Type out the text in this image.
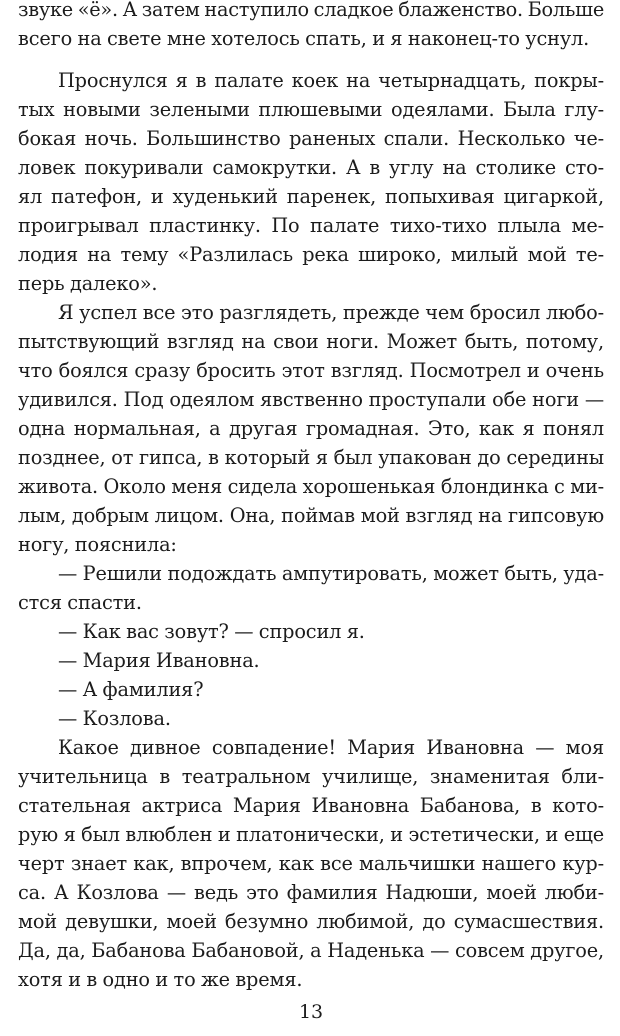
звуке «ё». А затем наступило сладкое блаженство. Больше
всего на свете мне хотелось спать, и я наконец-то уснул.
Проснулся я в палате коек на четырнадцать, покры-
тых новыми зелеными плюшевыми одеялами. Была глу-
бокая ночь. Большинство раненых спали. Несколько че-
ловек покуривали самокрутки. А в углу на столике сто-
ял патефон, и худенький паренек, попыхивая цигаркой,
проигрывал пластинку. По палате тихо-тихо плыла ме-
лодия на тему «Разлилась река широко, милый мой те-
перь далеко».
Я успел все это разглядеть, прежде чем бросил любо-
пытствующий взгляд на свои ноги. Может быть, потому,
что боялся сразу бросить этот взгляд. Посмотрел и очень
удивился. Под одеялом явственно проступали обе ноги —
одна нормальная, а другая громадная. Это, как я понял
позднее, от гипса, в который я был упакован до середины
живота. Около меня сидела хорошенькая блондинка с ми-
лым, добрым лицом. Она, поймав мой взгляд на гипсовую
ногу, пояснила:
— Решили подождать ампутировать, может быть, уда-
стся спасти.
— Как вас зовут? — спросил я.
— Мария Ивановна.
— А фамилия?
— Козлова.
Какое дивное совпадение! Мария Ивановна — моя
учительница в театральном училище, знаменитая бли-
стательная актриса Мария Ивановна Бабанова, в кото-
рую я был влюблен и платонически, и эстетически, и еще
черт знает как, впрочем, как все мальчишки нашего кур-
са. А Козлова — ведь это фамилия Надюши, моей люби-
мой девушки, моей безумно любимой, до сумасшествия.
Да, да, Бабанова Бабановой, а Наденька — совсем другое,
хотя и в одно и то же время.
13
